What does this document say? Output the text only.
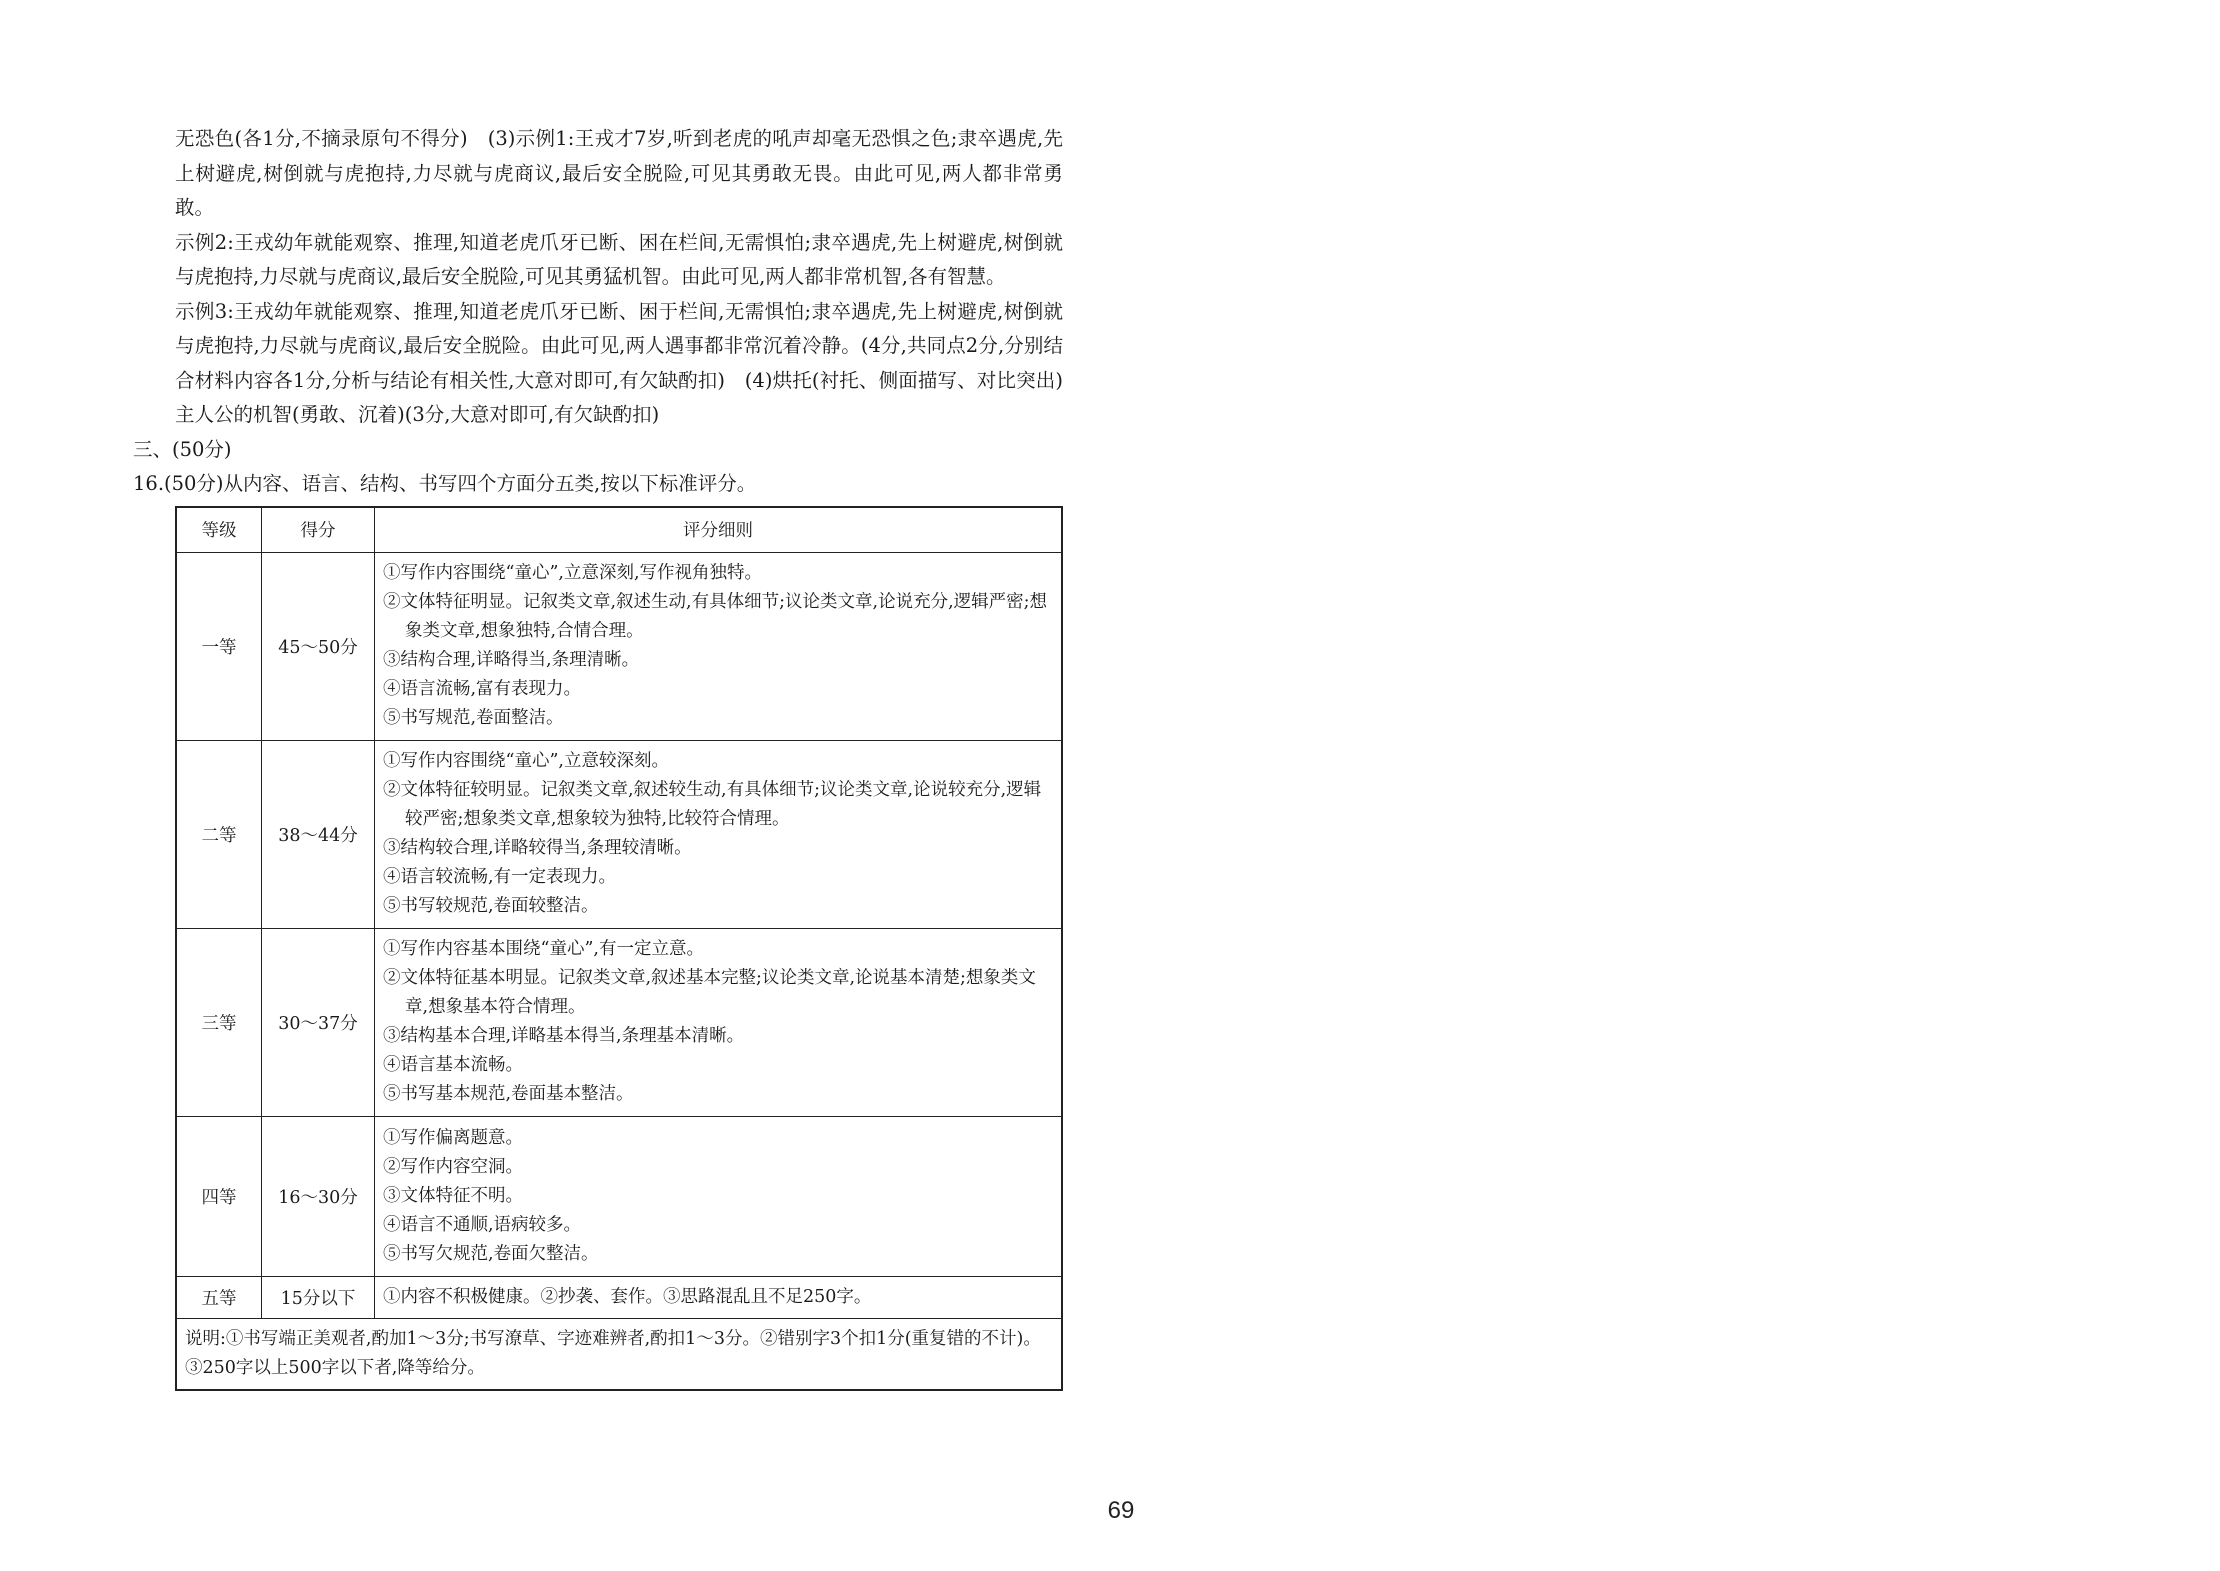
无恐色(各1分,不摘录原句不得分)　(3)示例1:王戎才7岁,听到老虎的吼声却毫无恐惧之色;隶卒遇虎,先上树避虎,树倒就与虎抱持,力尽就与虎商议,最后安全脱险,可见其勇敢无畏。由此可见,两人都非常勇敢。

示例2:王戎幼年就能观察、推理,知道老虎爪牙已断、困在栏间,无需惧怕;隶卒遇虎,先上树避虎,树倒就与虎抱持,力尽就与虎商议,最后安全脱险,可见其勇猛机智。由此可见,两人都非常机智,各有智慧。

示例3:王戎幼年就能观察、推理,知道老虎爪牙已断、困于栏间,无需惧怕;隶卒遇虎,先上树避虎,树倒就与虎抱持,力尽就与虎商议,最后安全脱险。由此可见,两人遇事都非常沉着冷静。(4分,共同点2分,分别结合材料内容各1分,分析与结论有相关性,大意对即可,有欠缺酌扣)　(4)烘托(衬托、侧面描写、对比突出)主人公的机智(勇敢、沉着)(3分,大意对即可,有欠缺酌扣)

三、(50分)

16.(50分)从内容、语言、结构、书写四个方面分五类,按以下标准评分。

等级	得分	评分细则
一等	45～50分	①写作内容围绕“童心”,立意深刻,写作视角独特。
②文体特征明显。记叙类文章,叙述生动,有具体细节;议论类文章,论说充分,逻辑严密;想象类文章,想象独特,合情合理。
③结构合理,详略得当,条理清晰。
④语言流畅,富有表现力。
⑤书写规范,卷面整洁。

二等	38～44分	①写作内容围绕“童心”,立意较深刻。
②文体特征较明显。记叙类文章,叙述较生动,有具体细节;议论类文章,论说较充分,逻辑较严密;想象类文章,想象较为独特,比较符合情理。
③结构较合理,详略较得当,条理较清晰。
④语言较流畅,有一定表现力。
⑤书写较规范,卷面较整洁。

三等	30～37分	①写作内容基本围绕“童心”,有一定立意。
②文体特征基本明显。记叙类文章,叙述基本完整;议论类文章,论说基本清楚;想象类文章,想象基本符合情理。
③结构基本合理,详略基本得当,条理基本清晰。
④语言基本流畅。
⑤书写基本规范,卷面基本整洁。

四等	16～30分	①写作偏离题意。
②写作内容空洞。
③文体特征不明。
④语言不通顺,语病较多。
⑤书写欠规范,卷面欠整洁。

五等	15分以下	①内容不积极健康。②抄袭、套作。③思路混乱且不足250字。

说明:①书写端正美观者,酌加1～3分;书写潦草、字迹难辨者,酌扣1～3分。②错别字3个扣1分(重复错的不计)。③250字以上500字以下者,降等给分。		
69
